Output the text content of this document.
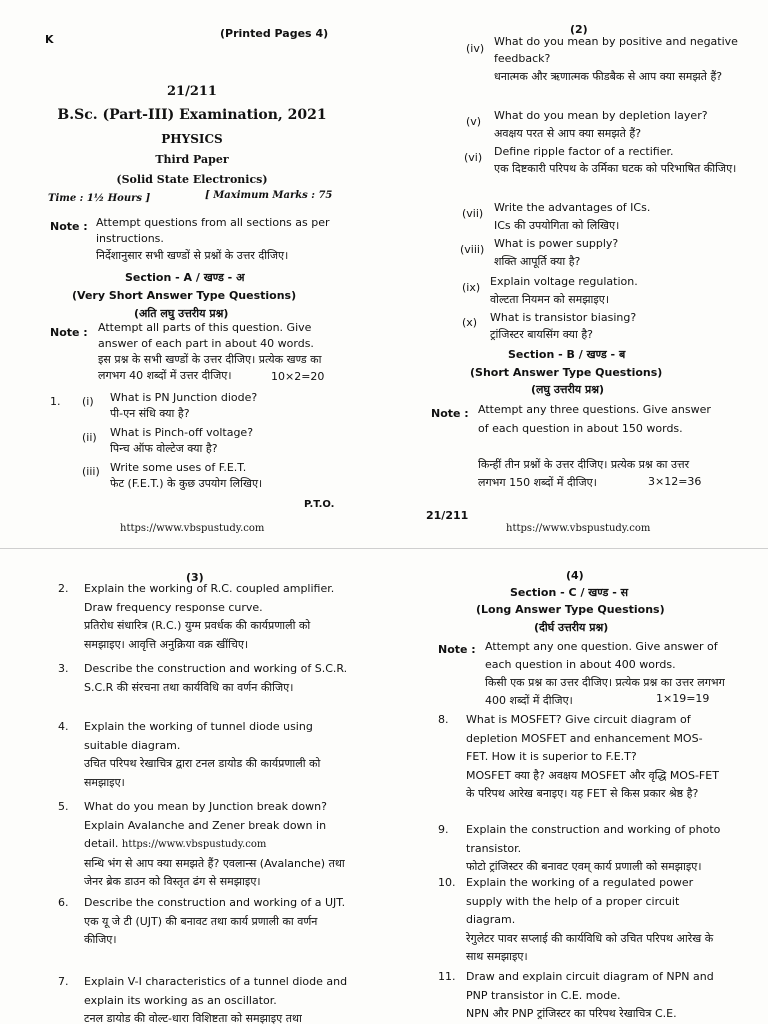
K	(Printed Pages 4)
21/211
B.Sc. (Part-III) Examination, 2021
PHYSICS
Third Paper
(Solid State Electronics)
Time : 1½ Hours ]	[ Maximum Marks : 75
Note : Attempt questions from all sections as per instructions.
निर्देशानुसार सभी खण्डों से प्रश्नों के उत्तर दीजिए।
Section - A / खण्ड - अ
(Very Short Answer Type Questions)
(अति लघु उत्तरीय प्रश्न)
Note : Attempt all parts of this question. Give answer of each part in about 40 words.
इस प्रश्न के सभी खण्डों के उत्तर दीजिए। प्रत्येक खण्ड का लगभग 40 शब्दों में उत्तर दीजिए।	10×2=20
1. (i) What is PN Junction diode?
पी-एन संधि क्या है?
(ii) What is Pinch-off voltage?
पिन्च ऑफ वोल्टेज क्या है?
(iii) Write some uses of F.E.T.
फेट (F.E.T.) के कुछ उपयोग लिखिए।
P.T.O.
https://www.vbspustudy.com
(2)
(iv)
What do you mean by positive and negative feedback?
धनात्मक और ऋणात्मक फीडबैक से आप क्या समझते हैं?
(v) What do you mean by depletion layer?
अवक्षय परत से आप क्या समझते हैं?
(vi) Define ripple factor of a rectifier.
एक दिष्टकारी परिपथ के उर्मिका घटक को परिभाषित कीजिए।
(vii) Write the advantages of ICs.
ICs की उपयोगिता को लिखिए।
(viii) What is power supply?
शक्ति आपूर्ति क्या है?
(ix) Explain voltage regulation.
वोल्टता नियमन को समझाइए।
(x) What is transistor biasing?
ट्रांजिस्टर बायसिंग क्या है?
Section - B / खण्ड - ब
(Short Answer Type Questions)
(लघु उत्तरीय प्रश्न)
Note : Attempt any three questions. Give answer of each question in about 150 words.
किन्हीं तीन प्रश्नों के उत्तर दीजिए। प्रत्येक प्रश्न का उत्तर लगभग 150 शब्दों में दीजिए।	3×12=36
21/211
https://www.vbspustudy.com
(3)
2. Explain the working of R.C. coupled amplifier. Draw frequency response curve.
प्रतिरोध संधारित्र (R.C.) युग्म प्रवर्धक की कार्यप्रणाली को समझाइए। आवृत्ति अनुक्रिया वक्र खींचिए।
3. Describe the construction and working of S.C.R.
S.C.R की संरचना तथा कार्यविधि का वर्णन कीजिए।
4. Explain the working of tunnel diode using suitable diagram.
उचित परिपथ रेखाचित्र द्वारा टनल डायोड की कार्यप्रणाली को समझाइए।
5. What do you mean by Junction break down? Explain Avalanche and Zener break down in detail. https://www.vbspustudy.com
सन्धि भंग से आप क्या समझते हैं? एवलान्स (Avalanche) तथा जेनर ब्रेक डाउन को विस्तृत ढंग से समझाइए।
6. Describe the construction and working of a UJT.
एक यू जे टी (UJT) की बनावट तथा कार्य प्रणाली का वर्णन कीजिए।
7. Explain V-I characteristics of a tunnel diode and explain its working as an oscillator.
टनल डायोड की वोल्ट-धारा विशिष्टता को समझाइए तथा
(4)
Section - C / खण्ड - स
(Long Answer Type Questions)
(दीर्घ उत्तरीय प्रश्न)
Note : Attempt any one question. Give answer of each question in about 400 words.
किसी एक प्रश्न का उत्तर दीजिए। प्रत्येक प्रश्न का उत्तर लगभग 400 शब्दों में दीजिए।	1×19=19
8. What is MOSFET? Give circuit diagram of depletion MOSFET and enhancement MOS-FET. How it is superior to F.E.T?
MOSFET क्या है? अवक्षय MOSFET और वृद्धि MOS-FET के परिपथ आरेख बनाइए। यह FET से किस प्रकार श्रेष्ठ है?
9. Explain the construction and working of photo transistor.
फोटो ट्रांजिस्टर की बनावट एवम् कार्य प्रणाली को समझाइए।
10. Explain the working of a regulated power supply with the help of a proper circuit diagram.
रेगुलेटर पावर सप्लाई की कार्यविधि को उचित परिपथ आरेख के साथ समझाइए।
11. Draw and explain circuit diagram of NPN and PNP transistor in C.E. mode.
NPN और PNP ट्रांजिस्टर का परिपथ रेखाचित्र C.E.
